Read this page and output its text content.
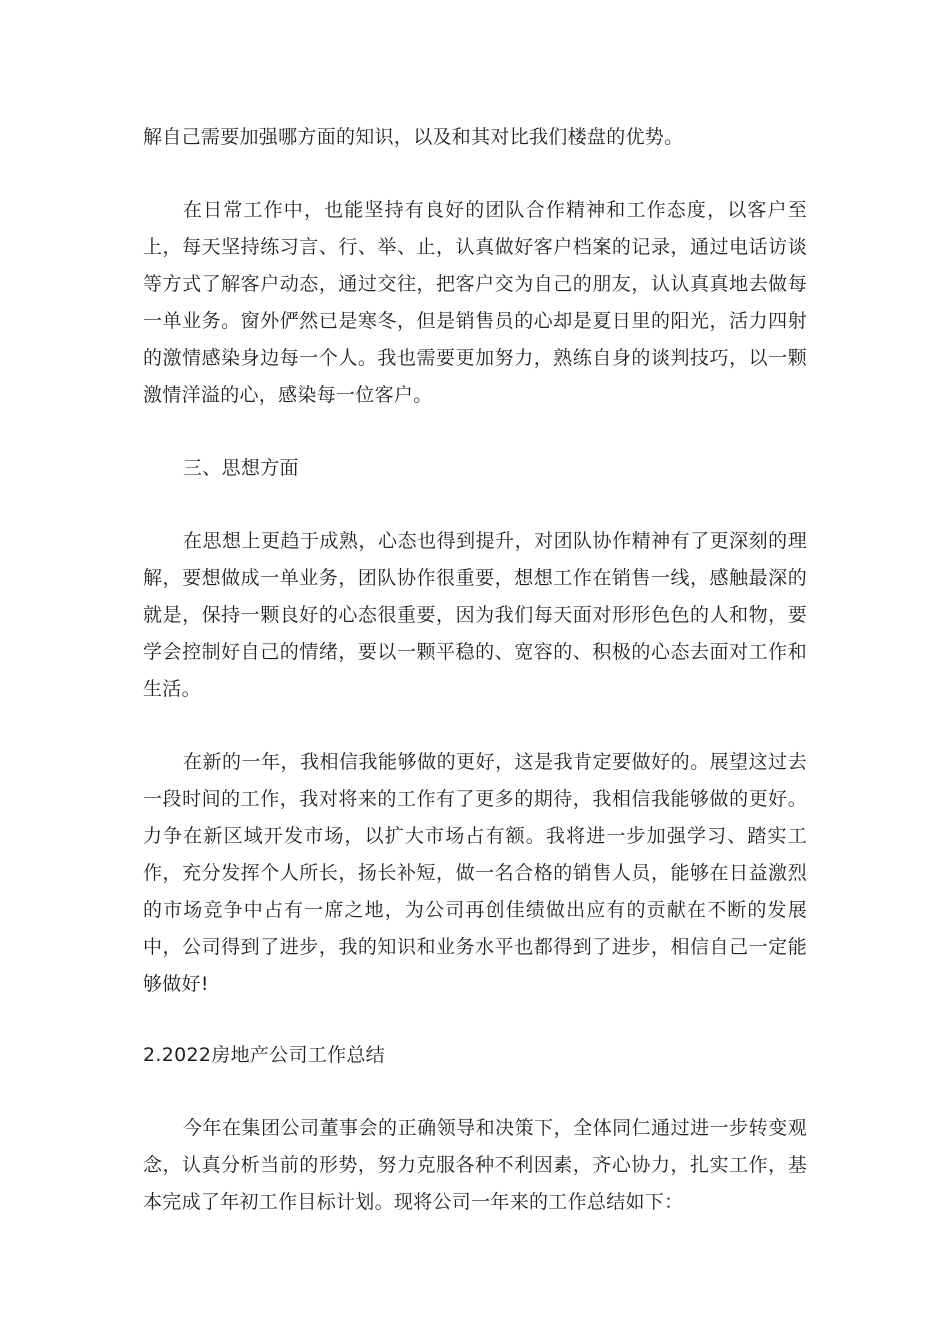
解自己需要加强哪方面的知识，以及和其对比我们楼盘的优势。

在日常工作中，也能坚持有良好的团队合作精神和工作态度，以客户至上，每天坚持练习言、行、举、止，认真做好客户档案的记录，通过电话访谈等方式了解客户动态，通过交往，把客户交为自己的朋友，认认真真地去做每一单业务。窗外俨然已是寒冬，但是销售员的心却是夏日里的阳光，活力四射的激情感染身边每一个人。我也需要更加努力，熟练自身的谈判技巧，以一颗激情洋溢的心，感染每一位客户。

三、思想方面

在思想上更趋于成熟，心态也得到提升，对团队协作精神有了更深刻的理解，要想做成一单业务，团队协作很重要，想想工作在销售一线，感触最深的就是，保持一颗良好的心态很重要，因为我们每天面对形形色色的人和物，要学会控制好自己的情绪，要以一颗平稳的、宽容的、积极的心态去面对工作和生活。

在新的一年，我相信我能够做的更好，这是我肯定要做好的。展望这过去一段时间的工作，我对将来的工作有了更多的期待，我相信我能够做的更好。力争在新区域开发市场，以扩大市场占有额。我将进一步加强学习、踏实工作，充分发挥个人所长，扬长补短，做一名合格的销售人员，能够在日益激烈的市场竞争中占有一席之地，为公司再创佳绩做出应有的贡献在不断的发展中，公司得到了进步，我的知识和业务水平也都得到了进步，相信自己一定能够做好!

2.2022房地产公司工作总结

今年在集团公司董事会的正确领导和决策下，全体同仁通过进一步转变观念，认真分析当前的形势，努力克服各种不利因素，齐心协力，扎实工作，基本完成了年初工作目标计划。现将公司一年来的工作总结如下：
